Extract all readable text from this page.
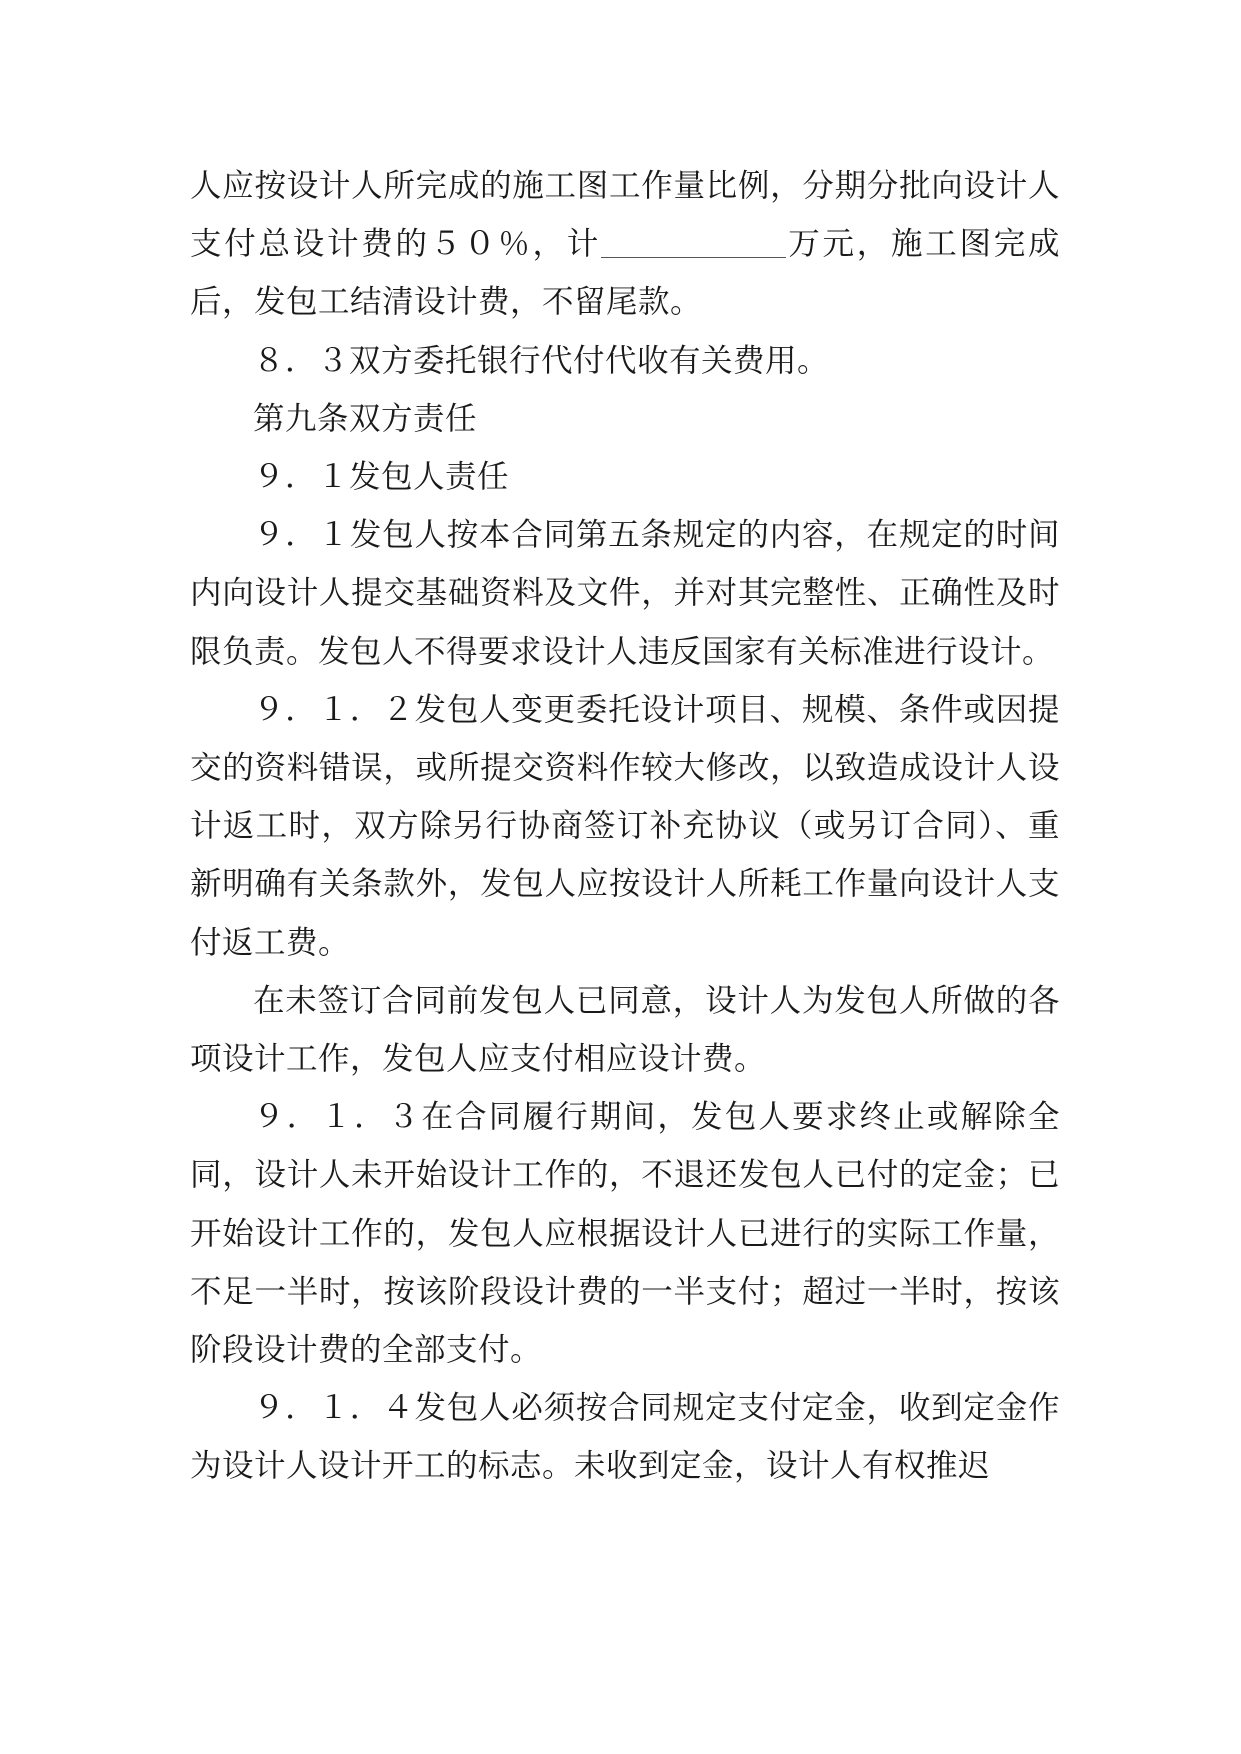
人应按设计人所完成的施工图工作量比例，分期分批向设计人支付总设计费的５０％，计	万元，施工图完成后，发包工结清设计费，不留尾款。

８．３双方委托银行代付代收有关费用。

第九条双方责任

９．１发包人责任

９．１发包人按本合同第五条规定的内容，在规定的时间内向设计人提交基础资料及文件，并对其完整性、正确性及时限负责。发包人不得要求设计人违反国家有关标准进行设计。

９．１．２发包人变更委托设计项目、规模、条件或因提交的资料错误，或所提交资料作较大修改，以致造成设计人设计返工时，双方除另行协商签订补充协议（或另订合同）、重新明确有关条款外，发包人应按设计人所耗工作量向设计人支付返工费。

在未签订合同前发包人已同意，设计人为发包人所做的各项设计工作，发包人应支付相应设计费。

９．１．３在合同履行期间，发包人要求终止或解除全同，设计人未开始设计工作的，不退还发包人已付的定金；已开始设计工作的，发包人应根据设计人已进行的实际工作量，不足一半时，按该阶段设计费的一半支付；超过一半时，按该阶段设计费的全部支付。

９．１．４发包人必须按合同规定支付定金，收到定金作为设计人设计开工的标志。未收到定金，设计人有权推迟
